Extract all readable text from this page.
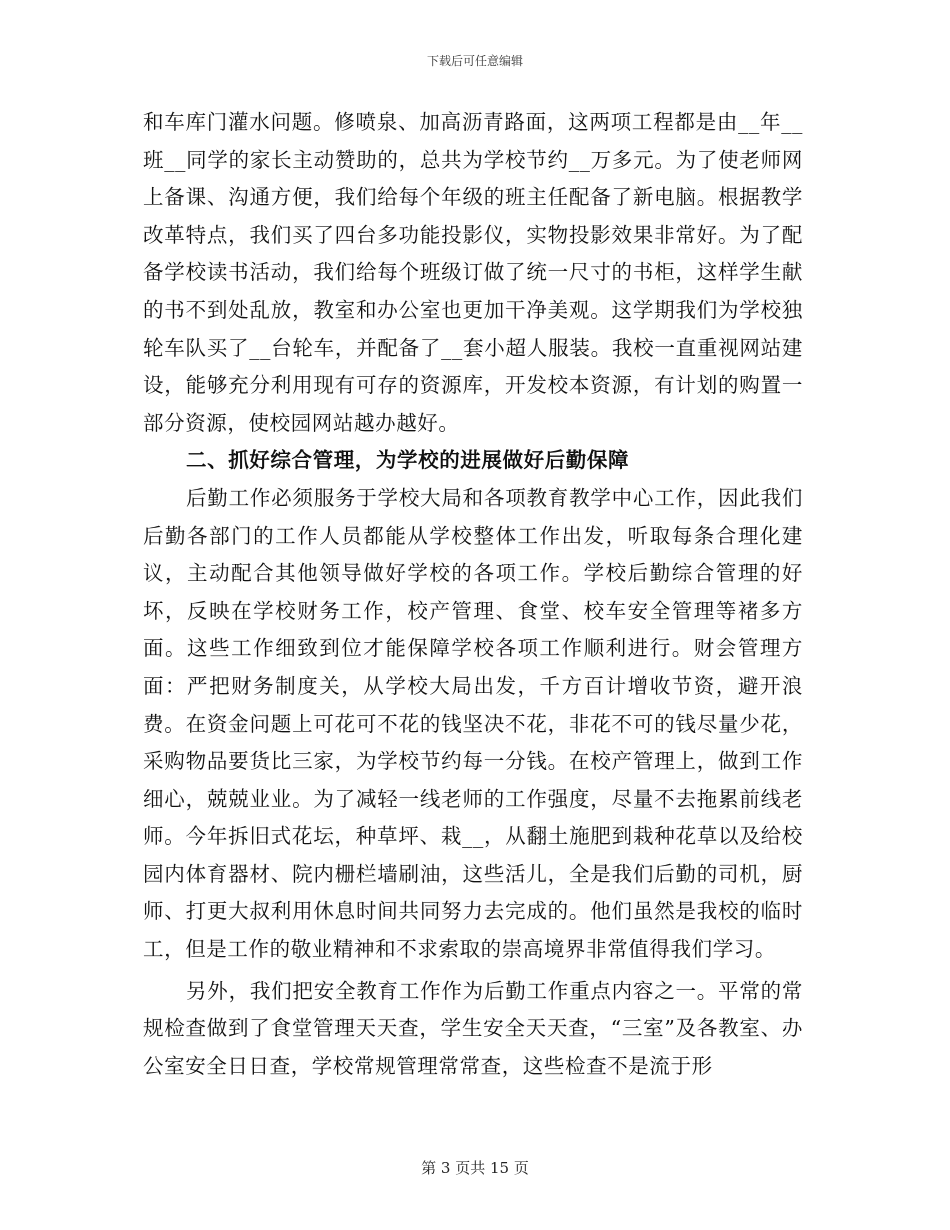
下载后可任意编辑

和车库门灌水问题。修喷泉、加高沥青路面，这两项工程都是由__年__班__同学的家长主动赞助的，总共为学校节约__万多元。为了使老师网上备课、沟通方便，我们给每个年级的班主任配备了新电脑。根据教学改革特点，我们买了四台多功能投影仪，实物投影效果非常好。为了配备学校读书活动，我们给每个班级订做了统一尺寸的书柜，这样学生献的书不到处乱放，教室和办公室也更加干净美观。这学期我们为学校独轮车队买了__台轮车，并配备了__套小超人服装。我校一直重视网站建设，能够充分利用现有可存的资源库，开发校本资源，有计划的购置一部分资源，使校园网站越办越好。

二、抓好综合管理，为学校的进展做好后勤保障

后勤工作必须服务于学校大局和各项教育教学中心工作，因此我们后勤各部门的工作人员都能从学校整体工作出发，听取每条合理化建议，主动配合其他领导做好学校的各项工作。学校后勤综合管理的好坏，反映在学校财务工作，校产管理、食堂、校车安全管理等褚多方面。这些工作细致到位才能保障学校各项工作顺利进行。财会管理方面：严把财务制度关，从学校大局出发，千方百计增收节资，避开浪费。在资金问题上可花可不花的钱坚决不花，非花不可的钱尽量少花，采购物品要货比三家，为学校节约每一分钱。在校产管理上，做到工作细心，兢兢业业。为了减轻一线老师的工作强度，尽量不去拖累前线老师。今年拆旧式花坛，种草坪、栽__，从翻土施肥到栽种花草以及给校园内体育器材、院内栅栏墙刷油，这些活儿，全是我们后勤的司机，厨师、打更大叔利用休息时间共同努力去完成的。他们虽然是我校的临时工，但是工作的敬业精神和不求索取的崇高境界非常值得我们学习。

另外，我们把安全教育工作作为后勤工作重点内容之一。平常的常规检查做到了食堂管理天天查，学生安全天天查，“三室”及各教室、办公室安全日日查，学校常规管理常常查，这些检查不是流于形

第 3 页共 15 页
